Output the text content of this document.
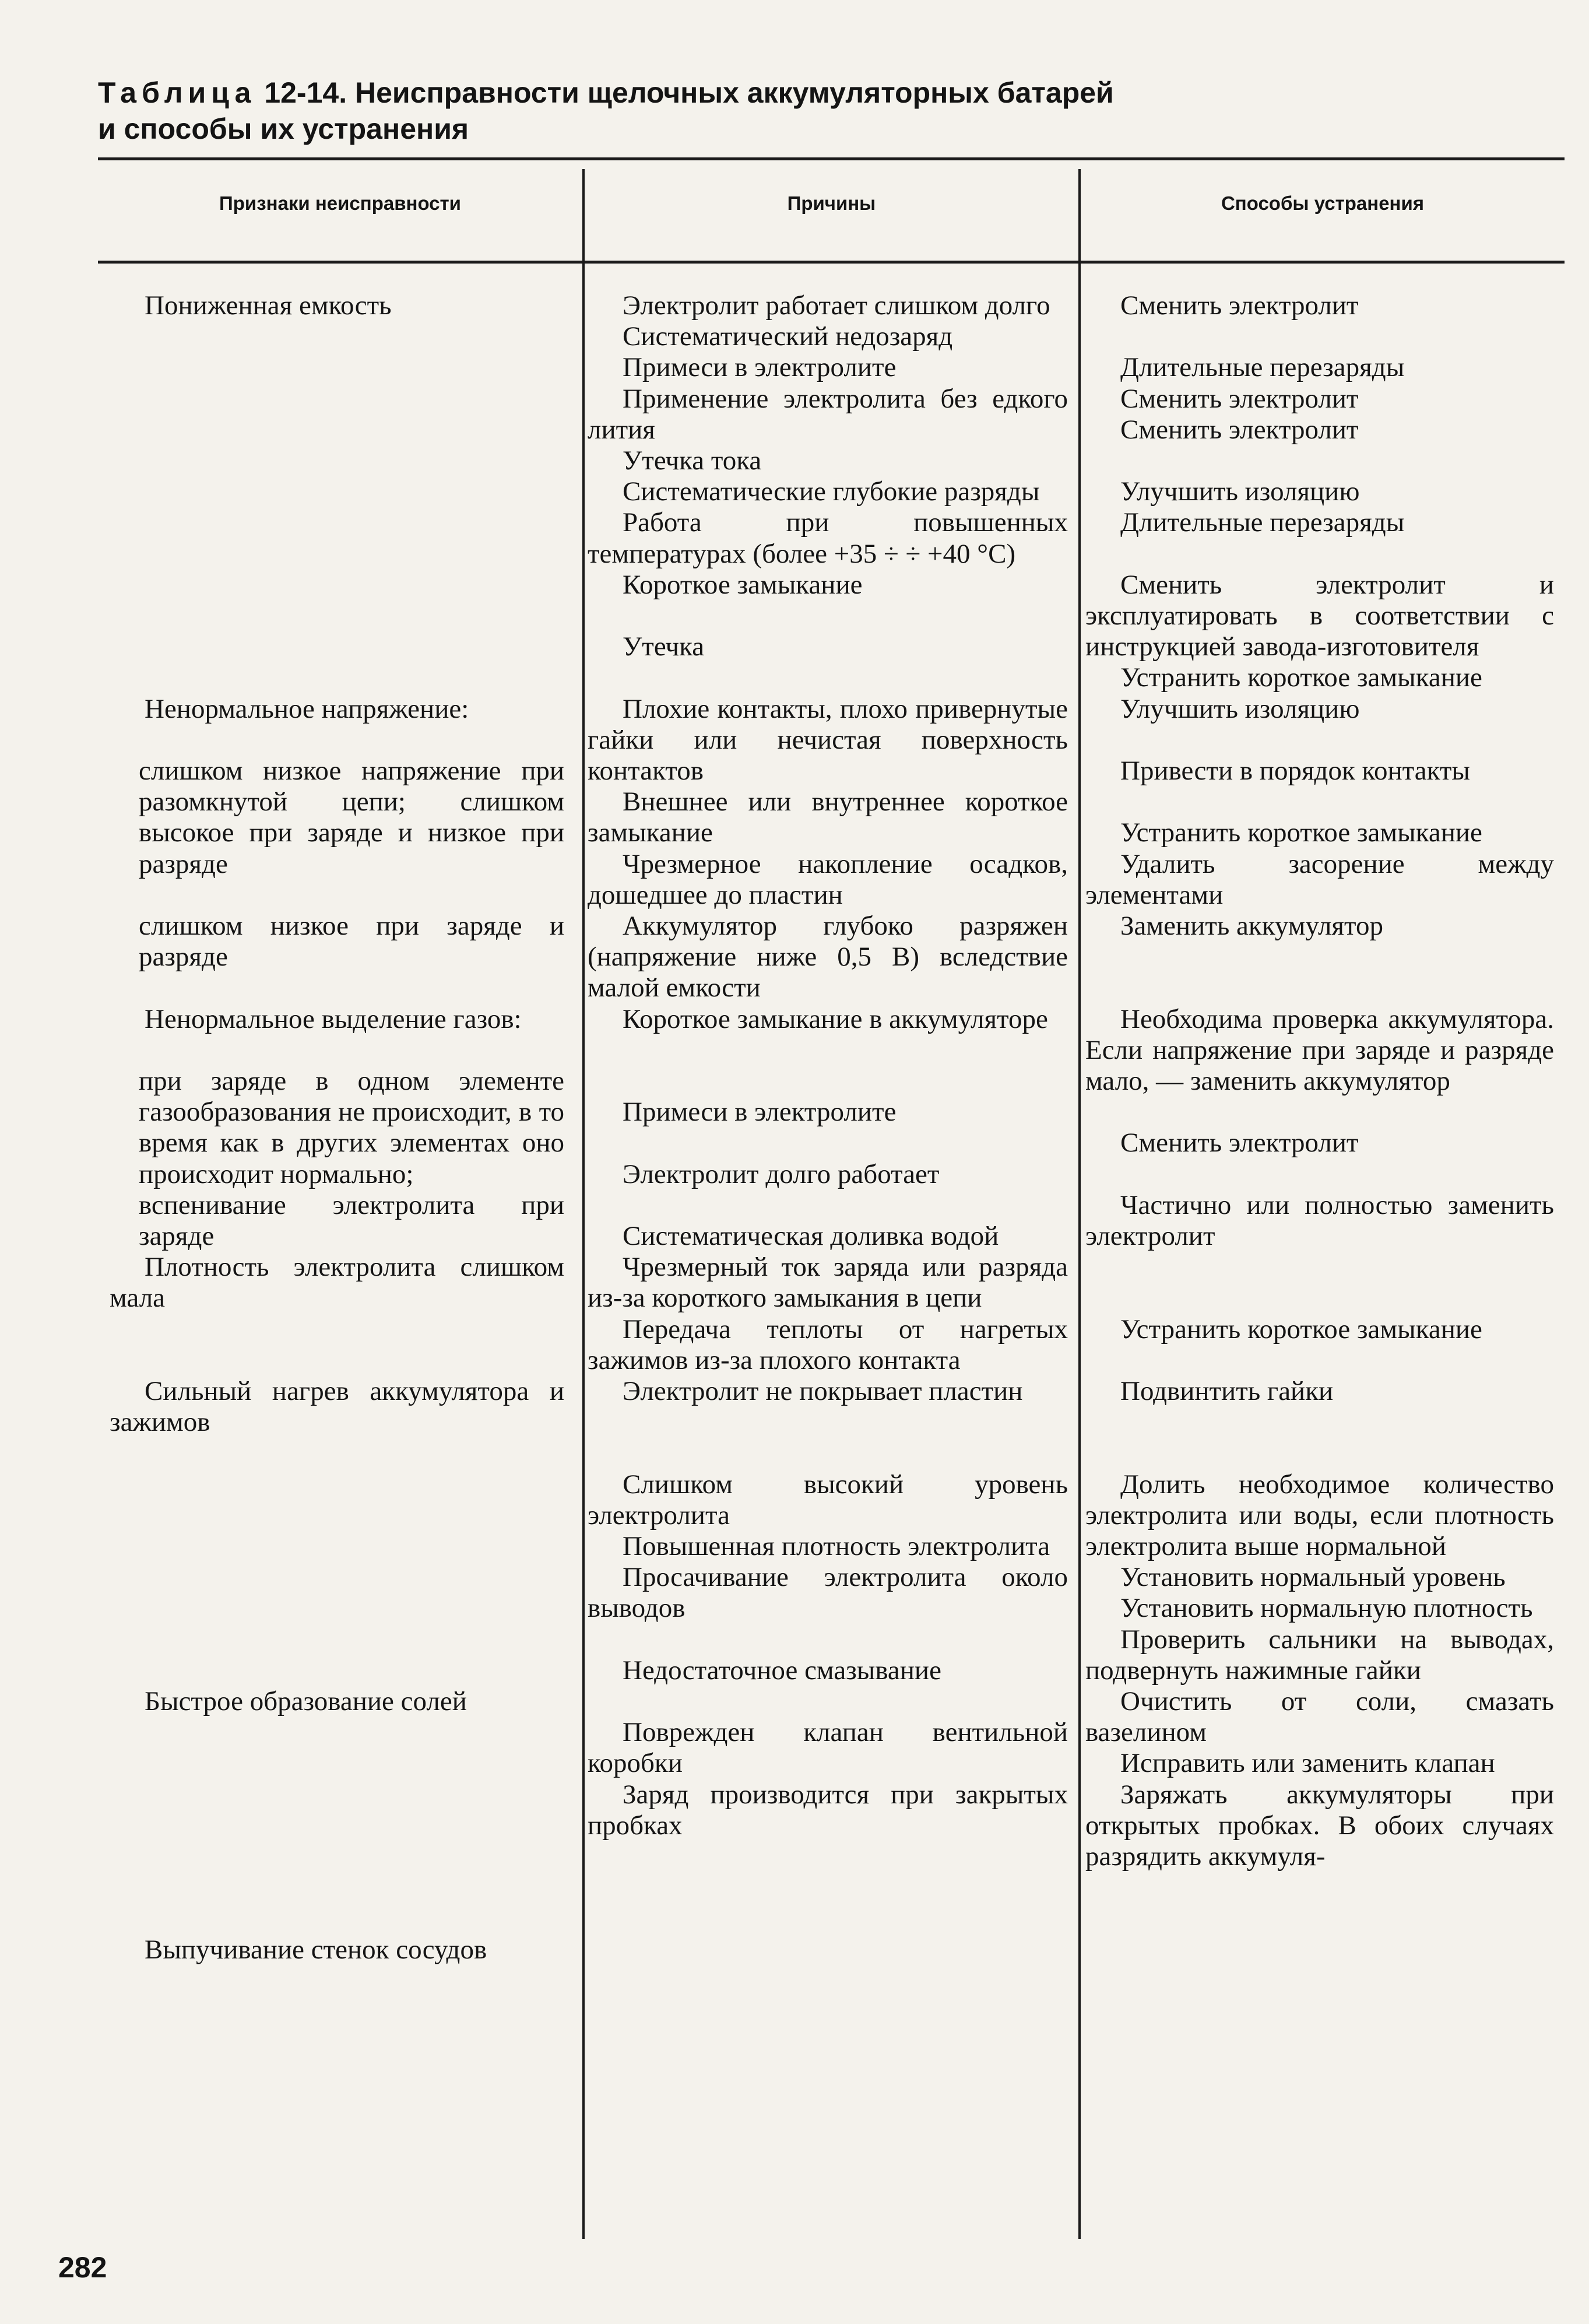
Таблица 12-14. Неисправности щелочных аккумуляторных батарей
и способы их устранения
Признаки неисправности	Причины	Способы устранения

Пониженная емкость

Ненормальное напряжение:

слишком низкое напряжение при разомкнутой цепи; слишком высокое при заряде и низкое при разряде

слишком низкое при заряде и разряде

Ненормальное выделение газов:

при заряде в одном элементе газообразования не происходит, в то время как в других элементах оно происходит нормально;

вспенивание электролита при заряде

Плотность электролита слишком мала

Сильный нагрев аккумулятора и зажимов

Быстрое образование солей

Выпучивание стенок сосудов

Электролит работает слишком долго

Систематический недозаряд

Примеси в электролите

Применение электролита без едкого лития

Утечка тока

Систематические глубокие разряды

Работа при повышенных температурах (более +35 ÷ ÷ +40 °С)

Короткое замыкание

Утечка

Плохие контакты, плохо привернутые гайки или нечистая поверхность контактов

Внешнее или внутреннее короткое замыкание

Чрезмерное накопление осадков, дошедшее до пластин

Аккумулятор глубоко разряжен (напряжение ниже 0,5 В) вследствие малой емкости

Короткое замыкание в аккумуляторе

Примеси в электролите

Электролит долго работает

Систематическая доливка водой

Чрезмерный ток заряда или разряда из-за короткого замыкания в цепи

Передача теплоты от нагретых зажимов из-за плохого контакта

Электролит не покрывает пластин

Слишком высокий уровень электролита

Повышенная плотность электролита

Просачивание электролита около выводов

Недостаточное смазывание

Поврежден клапан вентильной коробки

Заряд производится при закрытых пробках

Сменить электролит

Длительные перезаряды

Сменить электролит

Сменить электролит

Улучшить изоляцию

Длительные перезаряды

Сменить электролит и эксплуатировать в соответствии с инструкцией завода-изготовителя

Устранить короткое замыкание

Улучшить изоляцию

Привести в порядок контакты

Устранить короткое замыкание

Удалить засорение между элементами

Заменить аккумулятор

Необходима проверка аккумулятора. Если напряжение при заряде и разряде мало, — заменить аккумулятор

Сменить электролит

Частично или полностью заменить электролит

Устранить короткое замыкание

Подвинтить гайки

Долить необходимое количество электролита или воды, если плотность электролита выше нормальной

Установить нормальный уровень

Установить нормальную плотность

Проверить сальники на выводах, подвернуть нажимные гайки

Очистить от соли, смазать вазелином

Исправить или заменить клапан

Заряжать аккумуляторы при открытых пробках. В обоих случаях разрядить аккумуля-

282
